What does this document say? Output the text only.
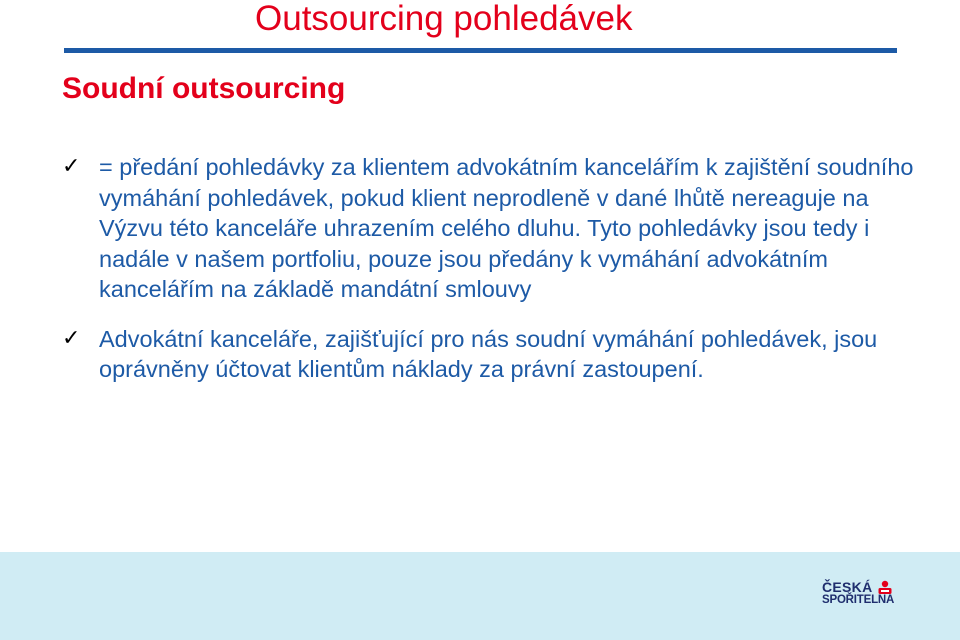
Outsourcing pohledávek
Soudní outsourcing
✓ = předání pohledávky za klientem advokátním kancelářím k zajištění soudního vymáhání pohledávek, pokud klient neprodleně v dané lhůtě nereaguje na Výzvu této kanceláře uhrazením celého dluhu. Tyto pohledávky jsou tedy i nadále v našem portfoliu, pouze jsou předány k vymáhání advokátním kancelářím na základě mandátní smlouvy
✓ Advokátní kanceláře, zajišťující pro nás soudní vymáhání pohledávek, jsou oprávněny účtovat klientům náklady za právní zastoupení.
ČESKÁ
SPOŘITELNA
